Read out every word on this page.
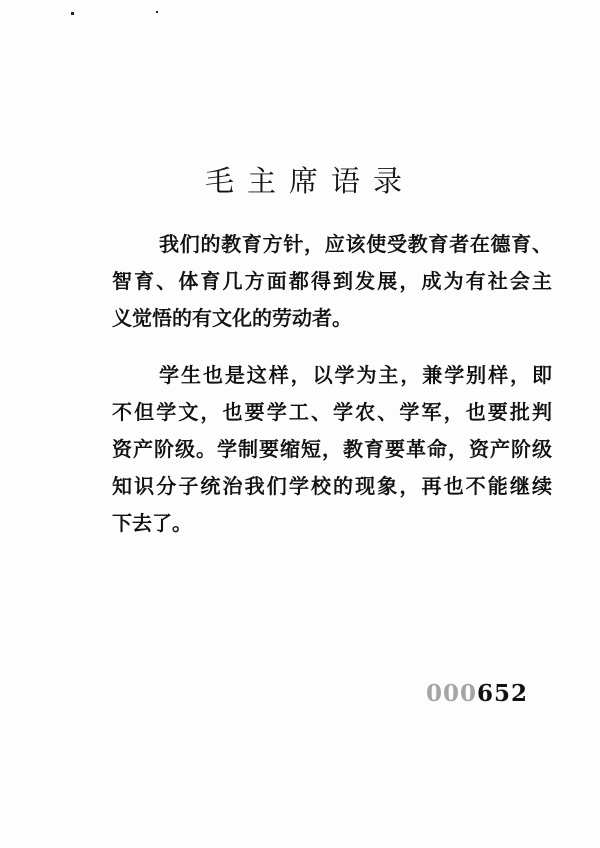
毛主席语录

我们的教育方针，应该使受教育者在德育、
智育、体育几方面都得到发展，成为有社会主
义觉悟的有文化的劳动者。

学生也是这样，以学为主，兼学别样，即
不但学文，也要学工、学农、学军，也要批判
资产阶级。学制要缩短，教育要革命，资产阶级
知识分子统治我们学校的现象，再也不能继续
下去了。

000652
